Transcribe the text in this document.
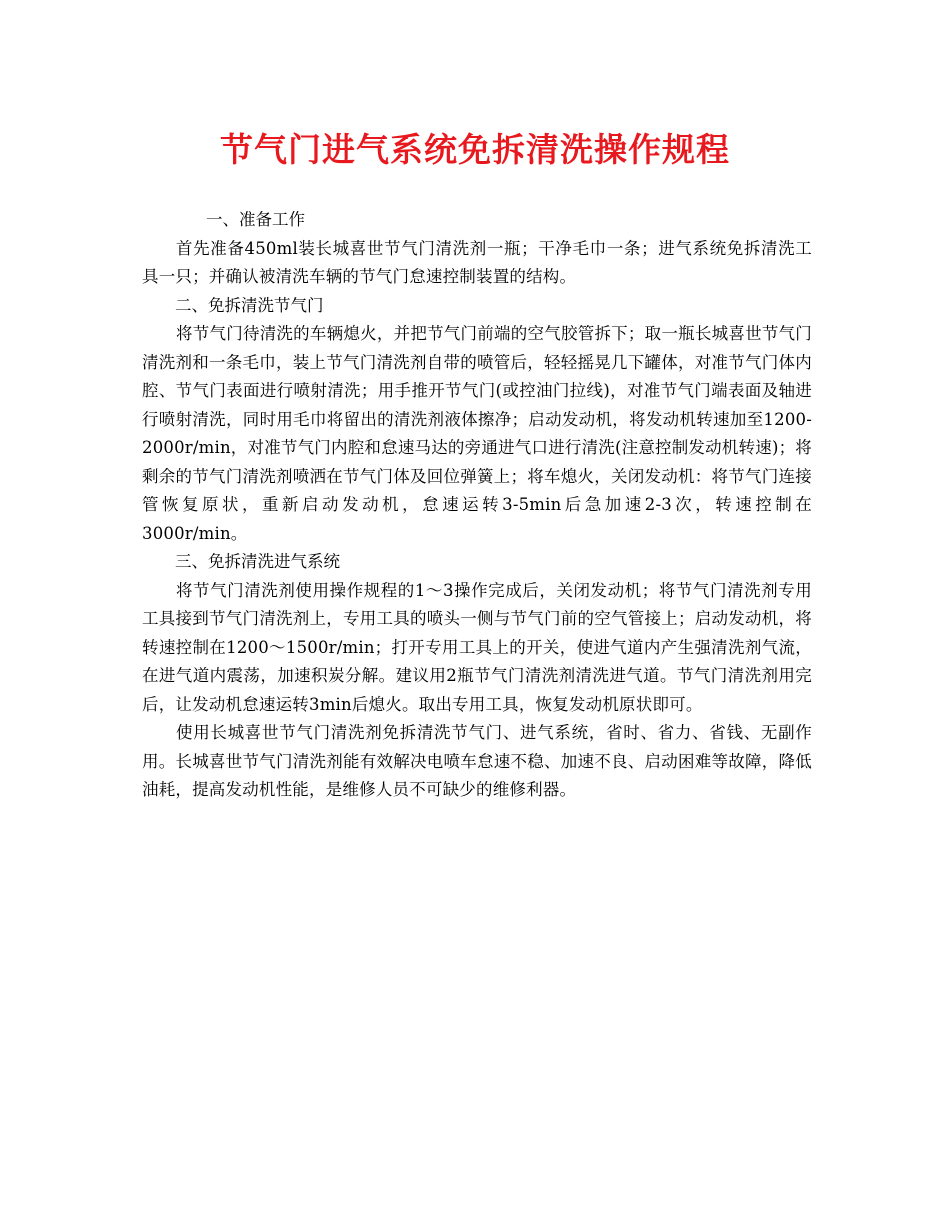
节气门进气系统免拆清洗操作规程

一、准备工作

首先准备450ml装长城喜世节气门清洗剂一瓶；干净毛巾一条；进气系统免拆清洗工具一只；并确认被清洗车辆的节气门怠速控制装置的结构。

二、免拆清洗节气门

将节气门待清洗的车辆熄火，并把节气门前端的空气胶管拆下；取一瓶长城喜世节气门清洗剂和一条毛巾，装上节气门清洗剂自带的喷管后，轻轻摇晃几下罐体，对准节气门体内腔、节气门表面进行喷射清洗；用手推开节气门(或控油门拉线)，对准节气门端表面及轴进行喷射清洗，同时用毛巾将留出的清洗剂液体擦净；启动发动机，将发动机转速加至1200-2000r/min，对准节气门内腔和怠速马达的旁通进气口进行清洗(注意控制发动机转速)；将剩余的节气门清洗剂喷洒在节气门体及回位弹簧上；将车熄火，关闭发动机：将节气门连接管恢复原状，重新启动发动机，怠速运转3-5min后急加速2-3次，转速控制在3000r/min。

三、免拆清洗进气系统

将节气门清洗剂使用操作规程的1～3操作完成后，关闭发动机；将节气门清洗剂专用工具接到节气门清洗剂上，专用工具的喷头一侧与节气门前的空气管接上；启动发动机，将转速控制在1200～1500r/min；打开专用工具上的开关，使进气道内产生强清洗剂气流，在进气道内震荡，加速积炭分解。建议用2瓶节气门清洗剂清洗进气道。节气门清洗剂用完后，让发动机怠速运转3min后熄火。取出专用工具，恢复发动机原状即可。

使用长城喜世节气门清洗剂免拆清洗节气门、进气系统，省时、省力、省钱、无副作用。长城喜世节气门清洗剂能有效解决电喷车怠速不稳、加速不良、启动困难等故障，降低油耗，提高发动机性能，是维修人员不可缺少的维修利器。
